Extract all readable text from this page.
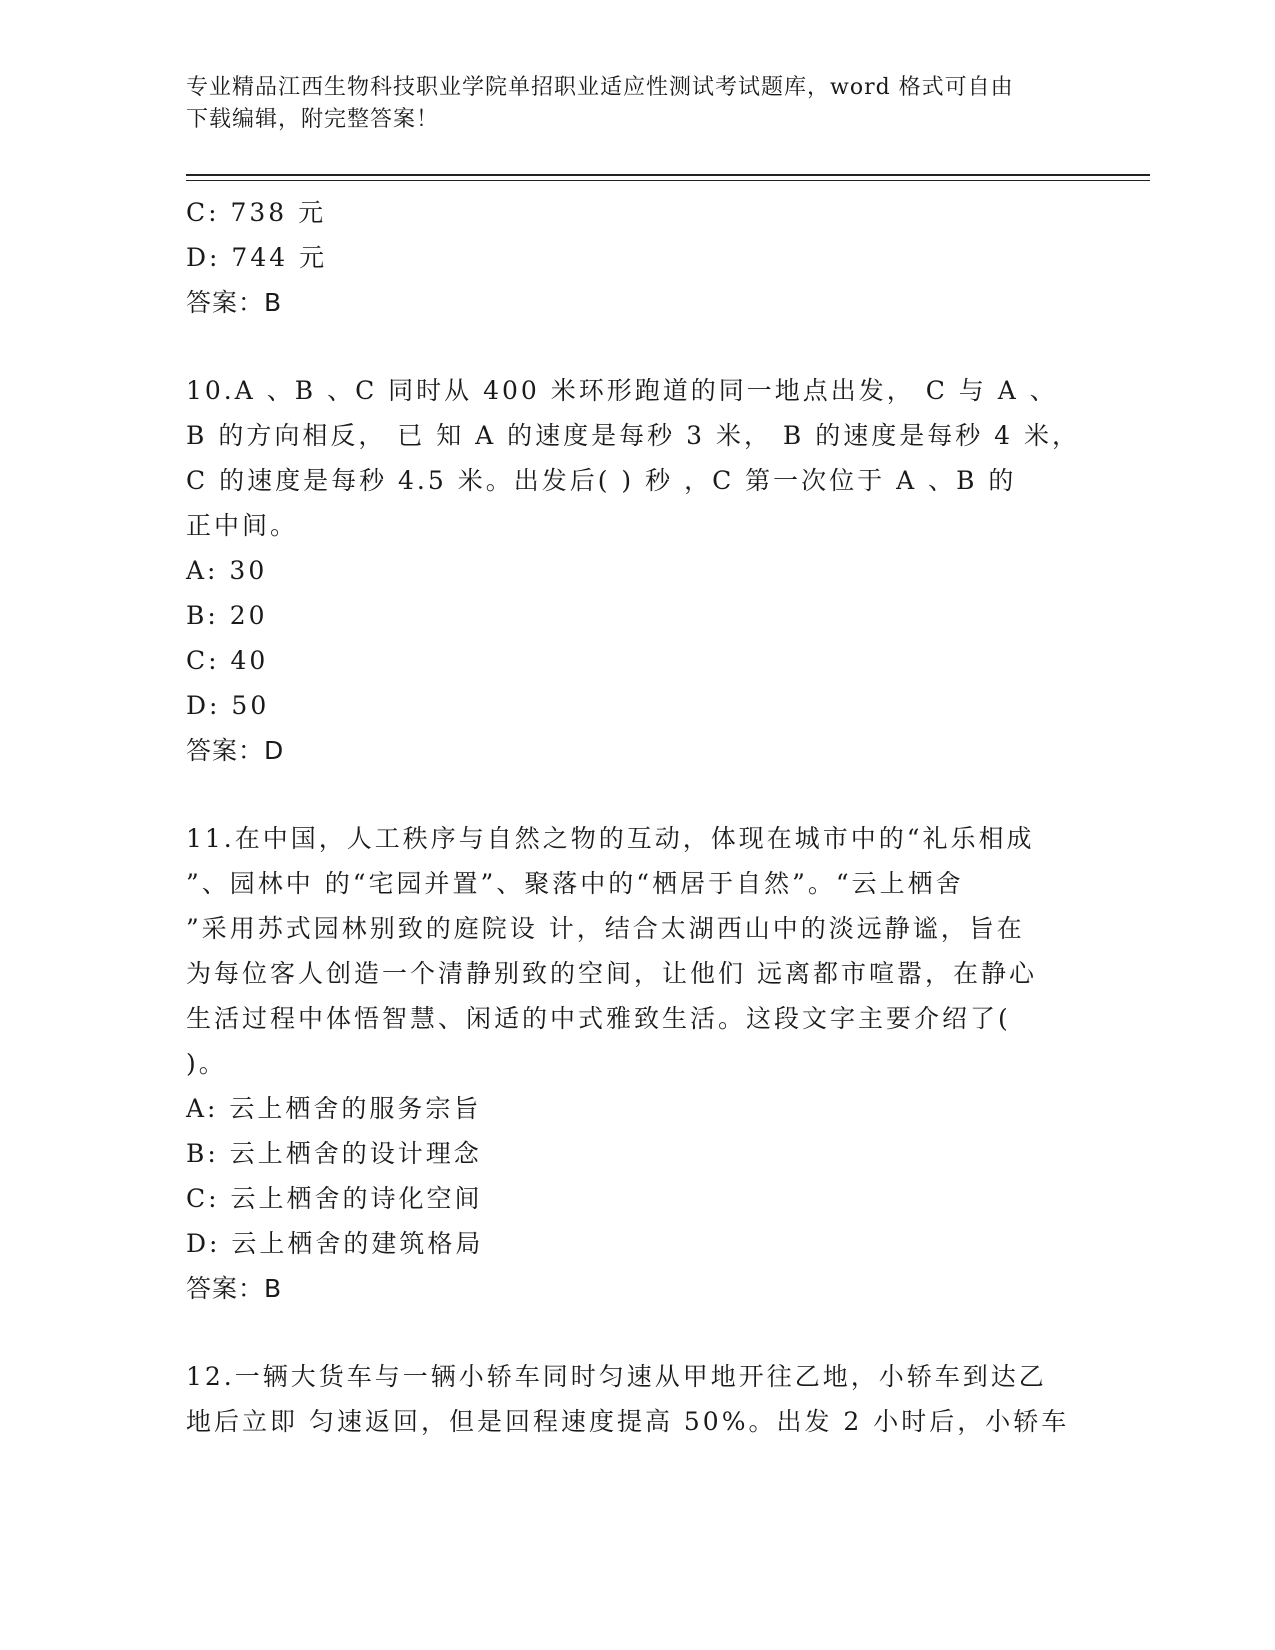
专业精品江西生物科技职业学院单招职业适应性测试考试题库，word 格式可自由
下载编辑，附完整答案！
C: 738 元
D: 744 元
答案：B
10.A 、B 、C 同时从 400 米环形跑道的同一地点出发， C 与 A 、
B 的方向相反， 已 知 A 的速度是每秒 3 米， B 的速度是每秒 4 米，
C 的速度是每秒 4.5 米。出发后( ) 秒 ，C 第一次位于 A 、B 的
正中间。
A: 30
B: 20
C: 40
D: 50
答案：D
11.在中国，人工秩序与自然之物的互动，体现在城市中的“礼乐相成
”、园林中 的“宅园并置”、聚落中的“栖居于自然”。“云上栖舍
”采用苏式园林别致的庭院设 计，结合太湖西山中的淡远静谧，旨在
为每位客人创造一个清静别致的空间，让他们 远离都市喧嚣，在静心
生活过程中体悟智慧、闲适的中式雅致生活。这段文字主要介绍了(
)。
A: 云上栖舍的服务宗旨
B: 云上栖舍的设计理念
C: 云上栖舍的诗化空间
D: 云上栖舍的建筑格局
答案：B
12.一辆大货车与一辆小轿车同时匀速从甲地开往乙地，小轿车到达乙
地后立即 匀速返回，但是回程速度提高 50%。出发 2 小时后，小轿车
